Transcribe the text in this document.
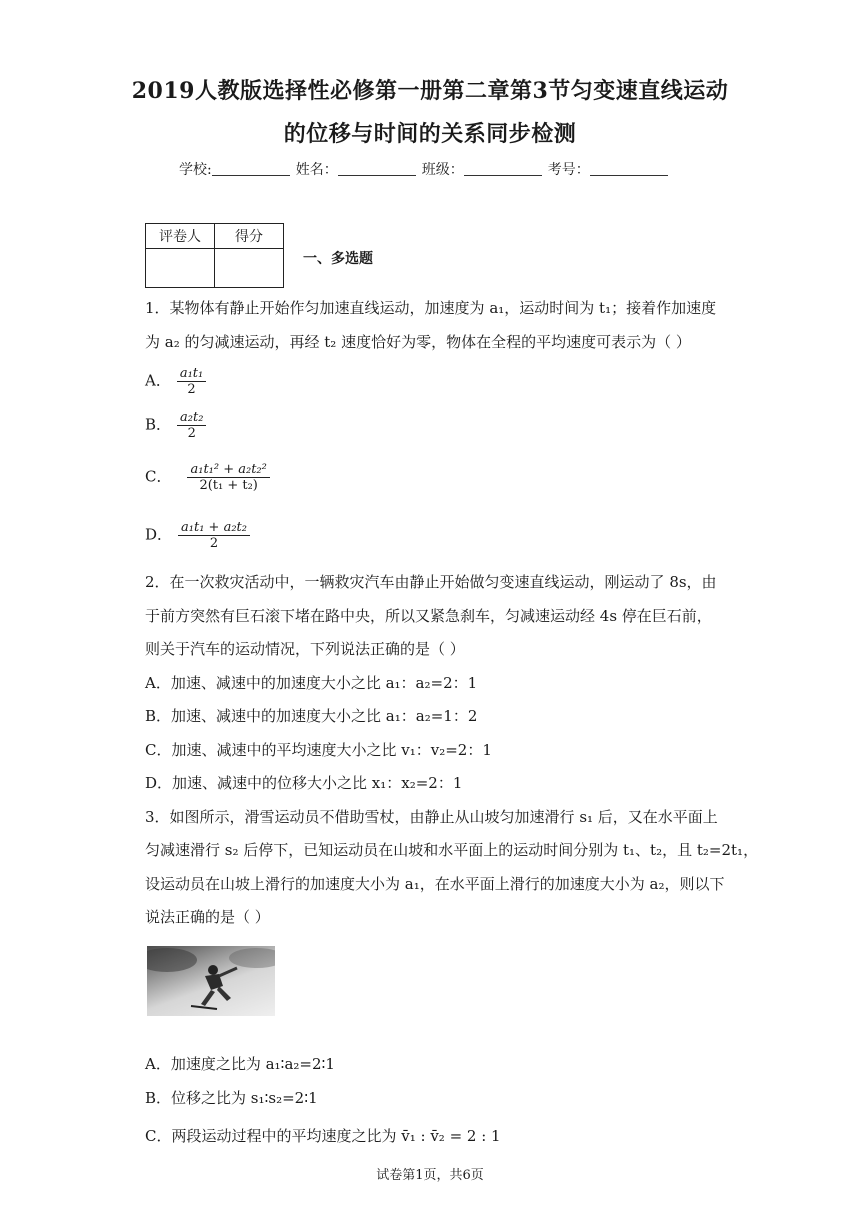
2019人教版选择性必修第一册第二章第3节匀变速直线运动
的位移与时间的关系同步检测
学校:	姓名：	班级：	考号：
评卷人	得分

一、多选题
1．某物体有静止开始作匀加速直线运动，加速度为 a₁，运动时间为 t₁；接着作加速度
为 a₂ 的匀减速运动，再经 t₂ 速度恰好为零，物体在全程的平均速度可表示为（ ）
A． $\frac{\text{a₁t₁}}{2}$
B． $\frac{\text{a₂t₂}}{2}$
C． $\frac{\text{a₁t₁² + a₂t₂²}}{\text{2(t₁ + t₂)}}$
D． $\frac{\text{a₁t₁ + a₂t₂}}{2}$
2．在一次救灾活动中，一辆救灾汽车由静止开始做匀变速直线运动，刚运动了 8s，由
于前方突然有巨石滚下堵在路中央，所以又紧急刹车，匀减速运动经 4s 停在巨石前，
则关于汽车的运动情况，下列说法正确的是（ ）
A．加速、减速中的加速度大小之比 a₁：a₂=2：1
B．加速、减速中的加速度大小之比 a₁：a₂=1：2
C．加速、减速中的平均速度大小之比 v₁：v₂=2：1
D．加速、减速中的位移大小之比 x₁：x₂=2：1
3．如图所示，滑雪运动员不借助雪杖，由静止从山坡匀加速滑行 s₁ 后，又在水平面上
匀减速滑行 s₂ 后停下，已知运动员在山坡和水平面上的运动时间分别为 t₁、t₂，且 t₂=2t₁，
设运动员在山坡上滑行的加速度大小为 a₁，在水平面上滑行的加速度大小为 a₂，则以下
说法正确的是（ ）
A．加速度之比为 a₁∶a₂=2∶1
B．位移之比为 s₁∶s₂=2∶1
C．两段运动过程中的平均速度之比为 v̄₁ : v̄₂ = 2 : 1
试卷第1页，共6页
